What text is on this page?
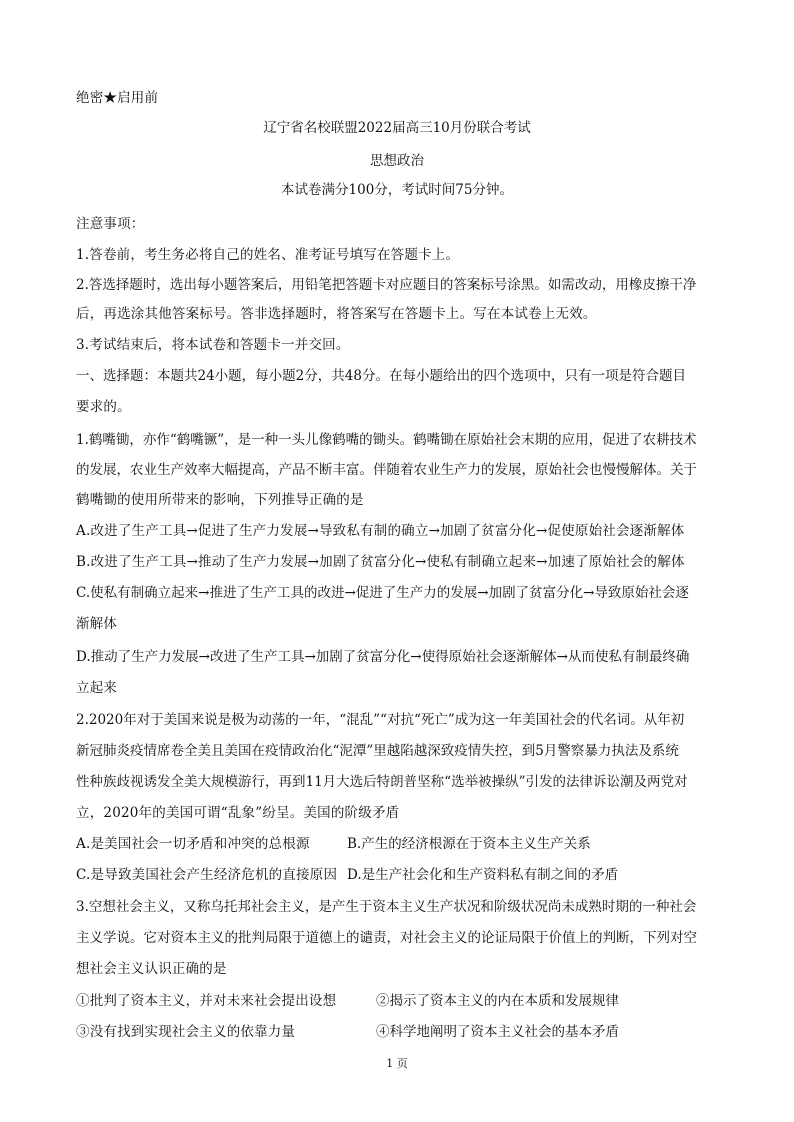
绝密★启用前
辽宁省名校联盟2022届高三10月份联合考试
思想政治
本试卷满分100分，考试时间75分钟。
注意事项：
1.答卷前，考生务必将自己的姓名、准考证号填写在答题卡上。
2.答选择题时，选出每小题答案后，用铅笔把答题卡对应题目的答案标号涂黑。如需改动，用橡皮擦干净
后，再选涂其他答案标号。答非选择题时，将答案写在答题卡上。写在本试卷上无效。
3.考试结束后，将本试卷和答题卡一并交回。
一、选择题：本题共24小题，每小题2分，共48分。在每小题给出的四个选项中，只有一项是符合题目
要求的。
1.鹤嘴锄，亦作“鹤嘴镢”，是一种一头儿像鹤嘴的锄头。鹤嘴锄在原始社会末期的应用，促进了农耕技术
的发展，农业生产效率大幅提高，产品不断丰富。伴随着农业生产力的发展，原始社会也慢慢解体。关于
鹤嘴锄的使用所带来的影响，下列推导正确的是
A.改进了生产工具→促进了生产力发展→导致私有制的确立→加剧了贫富分化→促使原始社会逐渐解体
B.改进了生产工具→推动了生产力发展→加剧了贫富分化→使私有制确立起来→加速了原始社会的解体
C.使私有制确立起来→推进了生产工具的改进→促进了生产力的发展→加剧了贫富分化→导致原始社会逐
渐解体
D.推动了生产力发展→改进了生产工具→加剧了贫富分化→使得原始社会逐渐解体→从而使私有制最终确
立起来
2.2020年对于美国来说是极为动荡的一年，“混乱”“对抗“死亡”成为这一年美国社会的代名词。从年初
新冠肺炎疫情席卷全美且美国在疫情政治化“泥潭”里越陷越深致疫情失控，到5月警察暴力执法及系统
性种族歧视诱发全美大规模游行，再到11月大选后特朗普坚称“选举被操纵”引发的法律诉讼潮及两党对
立，2020年的美国可谓“乱象”纷呈。美国的阶级矛盾
A.是美国社会一切矛盾和冲突的总根源	B.产生的经济根源在于资本主义生产关系
C.是导致美国社会产生经济危机的直接原因 D.是生产社会化和生产资料私有制之间的矛盾
3.空想社会主义，又称乌托邦社会主义，是产生于资本主义生产状况和阶级状况尚未成熟时期的一种社会
主义学说。它对资本主义的批判局限于道德上的谴责，对社会主义的论证局限于价值上的判断，下列对空
想社会主义认识正确的是
①批判了资本主义，并对未来社会提出设想	②揭示了资本主义的内在本质和发展规律
③没有找到实现社会主义的依靠力量	④科学地阐明了资本主义社会的基本矛盾
1 页
